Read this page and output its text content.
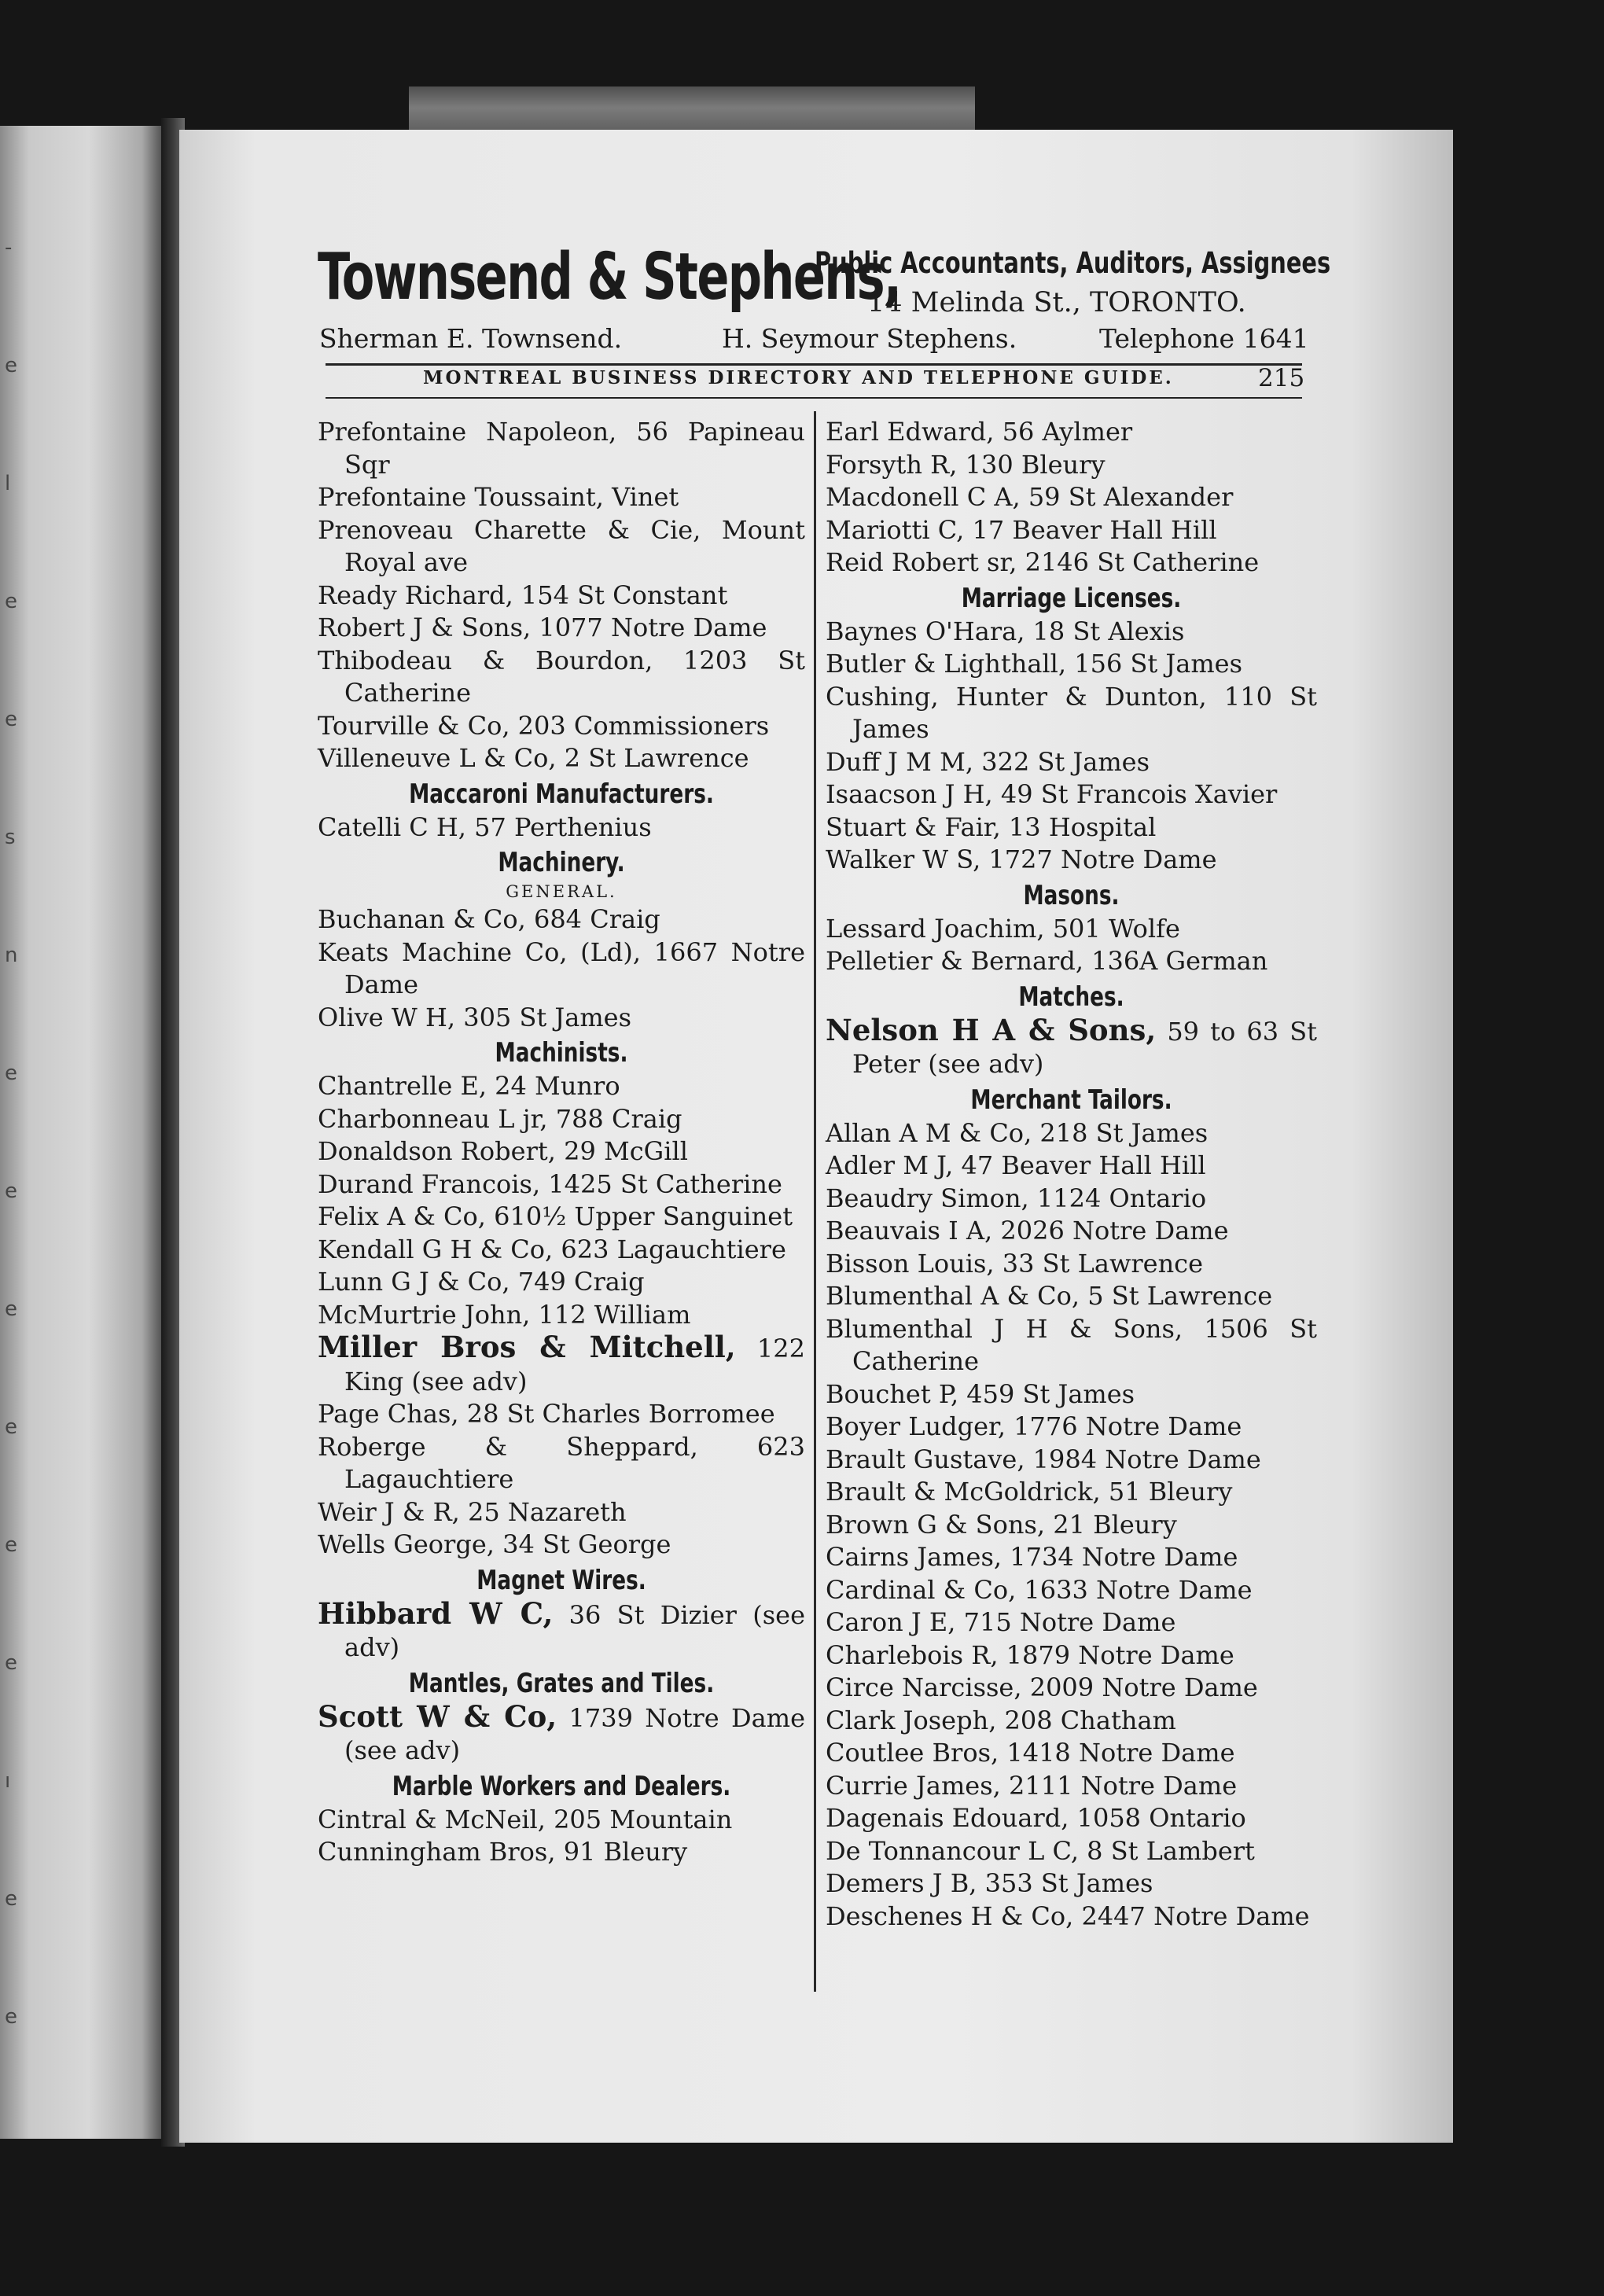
-
e
l
e
e
s
n
e
e
e
e
e
e
ı
e
e
Townsend & Stephens,
Public Accountants, Auditors, Assignees
14 Melinda St., TORONTO.
Sherman E. Townsend.	H. Seymour Stephens.	Telephone 1641
MONTREAL BUSINESS DIRECTORY AND TELEPHONE GUIDE.	215
Prefontaine Napoleon, 56 Papineau Sqr
Prefontaine Toussaint, Vinet
Prenoveau Charette & Cie, Mount Royal ave
Ready Richard, 154 St Constant
Robert J & Sons, 1077 Notre Dame
Thibodeau & Bourdon, 1203 St Catherine
Tourville & Co, 203 Commissioners
Villeneuve L & Co, 2 St Lawrence
Maccaroni Manufacturers.
Catelli C H, 57 Perthenius
Machinery.
GENERAL.
Buchanan & Co, 684 Craig
Keats Machine Co, (Ld), 1667 Notre Dame
Olive W H, 305 St James
Machinists.
Chantrelle E, 24 Munro
Charbonneau L jr, 788 Craig
Donaldson Robert, 29 McGill
Durand Francois, 1425 St Catherine
Felix A & Co, 610½ Upper Sanguinet
Kendall G H & Co, 623 Lagauchtiere
Lunn G J & Co, 749 Craig
McMurtrie John, 112 William
Miller Bros & Mitchell, 122 King (see adv)
Page Chas, 28 St Charles Borromee
Roberge & Sheppard, 623 Lagauchtiere
Weir J & R, 25 Nazareth
Wells George, 34 St George
Magnet Wires.
Hibbard W C, 36 St Dizier (see adv)
Mantles, Grates and Tiles.
Scott W & Co, 1739 Notre Dame (see adv)
Marble Workers and Dealers.
Cintral & McNeil, 205 Mountain
Cunningham Bros, 91 Bleury
Earl Edward, 56 Aylmer
Forsyth R, 130 Bleury
Macdonell C A, 59 St Alexander
Mariotti C, 17 Beaver Hall Hill
Reid Robert sr, 2146 St Catherine
Marriage Licenses.
Baynes O'Hara, 18 St Alexis
Butler & Lighthall, 156 St James
Cushing, Hunter & Dunton, 110 St James
Duff J M M, 322 St James
Isaacson J H, 49 St Francois Xavier
Stuart & Fair, 13 Hospital
Walker W S, 1727 Notre Dame
Masons.
Lessard Joachim, 501 Wolfe
Pelletier & Bernard, 136A German
Matches.
Nelson H A & Sons, 59 to 63 St Peter (see adv)
Merchant Tailors.
Allan A M & Co, 218 St James
Adler M J, 47 Beaver Hall Hill
Beaudry Simon, 1124 Ontario
Beauvais I A, 2026 Notre Dame
Bisson Louis, 33 St Lawrence
Blumenthal A & Co, 5 St Lawrence
Blumenthal J H & Sons, 1506 St Catherine
Bouchet P, 459 St James
Boyer Ludger, 1776 Notre Dame
Brault Gustave, 1984 Notre Dame
Brault & McGoldrick, 51 Bleury
Brown G & Sons, 21 Bleury
Cairns James, 1734 Notre Dame
Cardinal & Co, 1633 Notre Dame
Caron J E, 715 Notre Dame
Charlebois R, 1879 Notre Dame
Circe Narcisse, 2009 Notre Dame
Clark Joseph, 208 Chatham
Coutlee Bros, 1418 Notre Dame
Currie James, 2111 Notre Dame
Dagenais Edouard, 1058 Ontario
De Tonnancour L C, 8 St Lambert
Demers J B, 353 St James
Deschenes H & Co, 2447 Notre Dame
